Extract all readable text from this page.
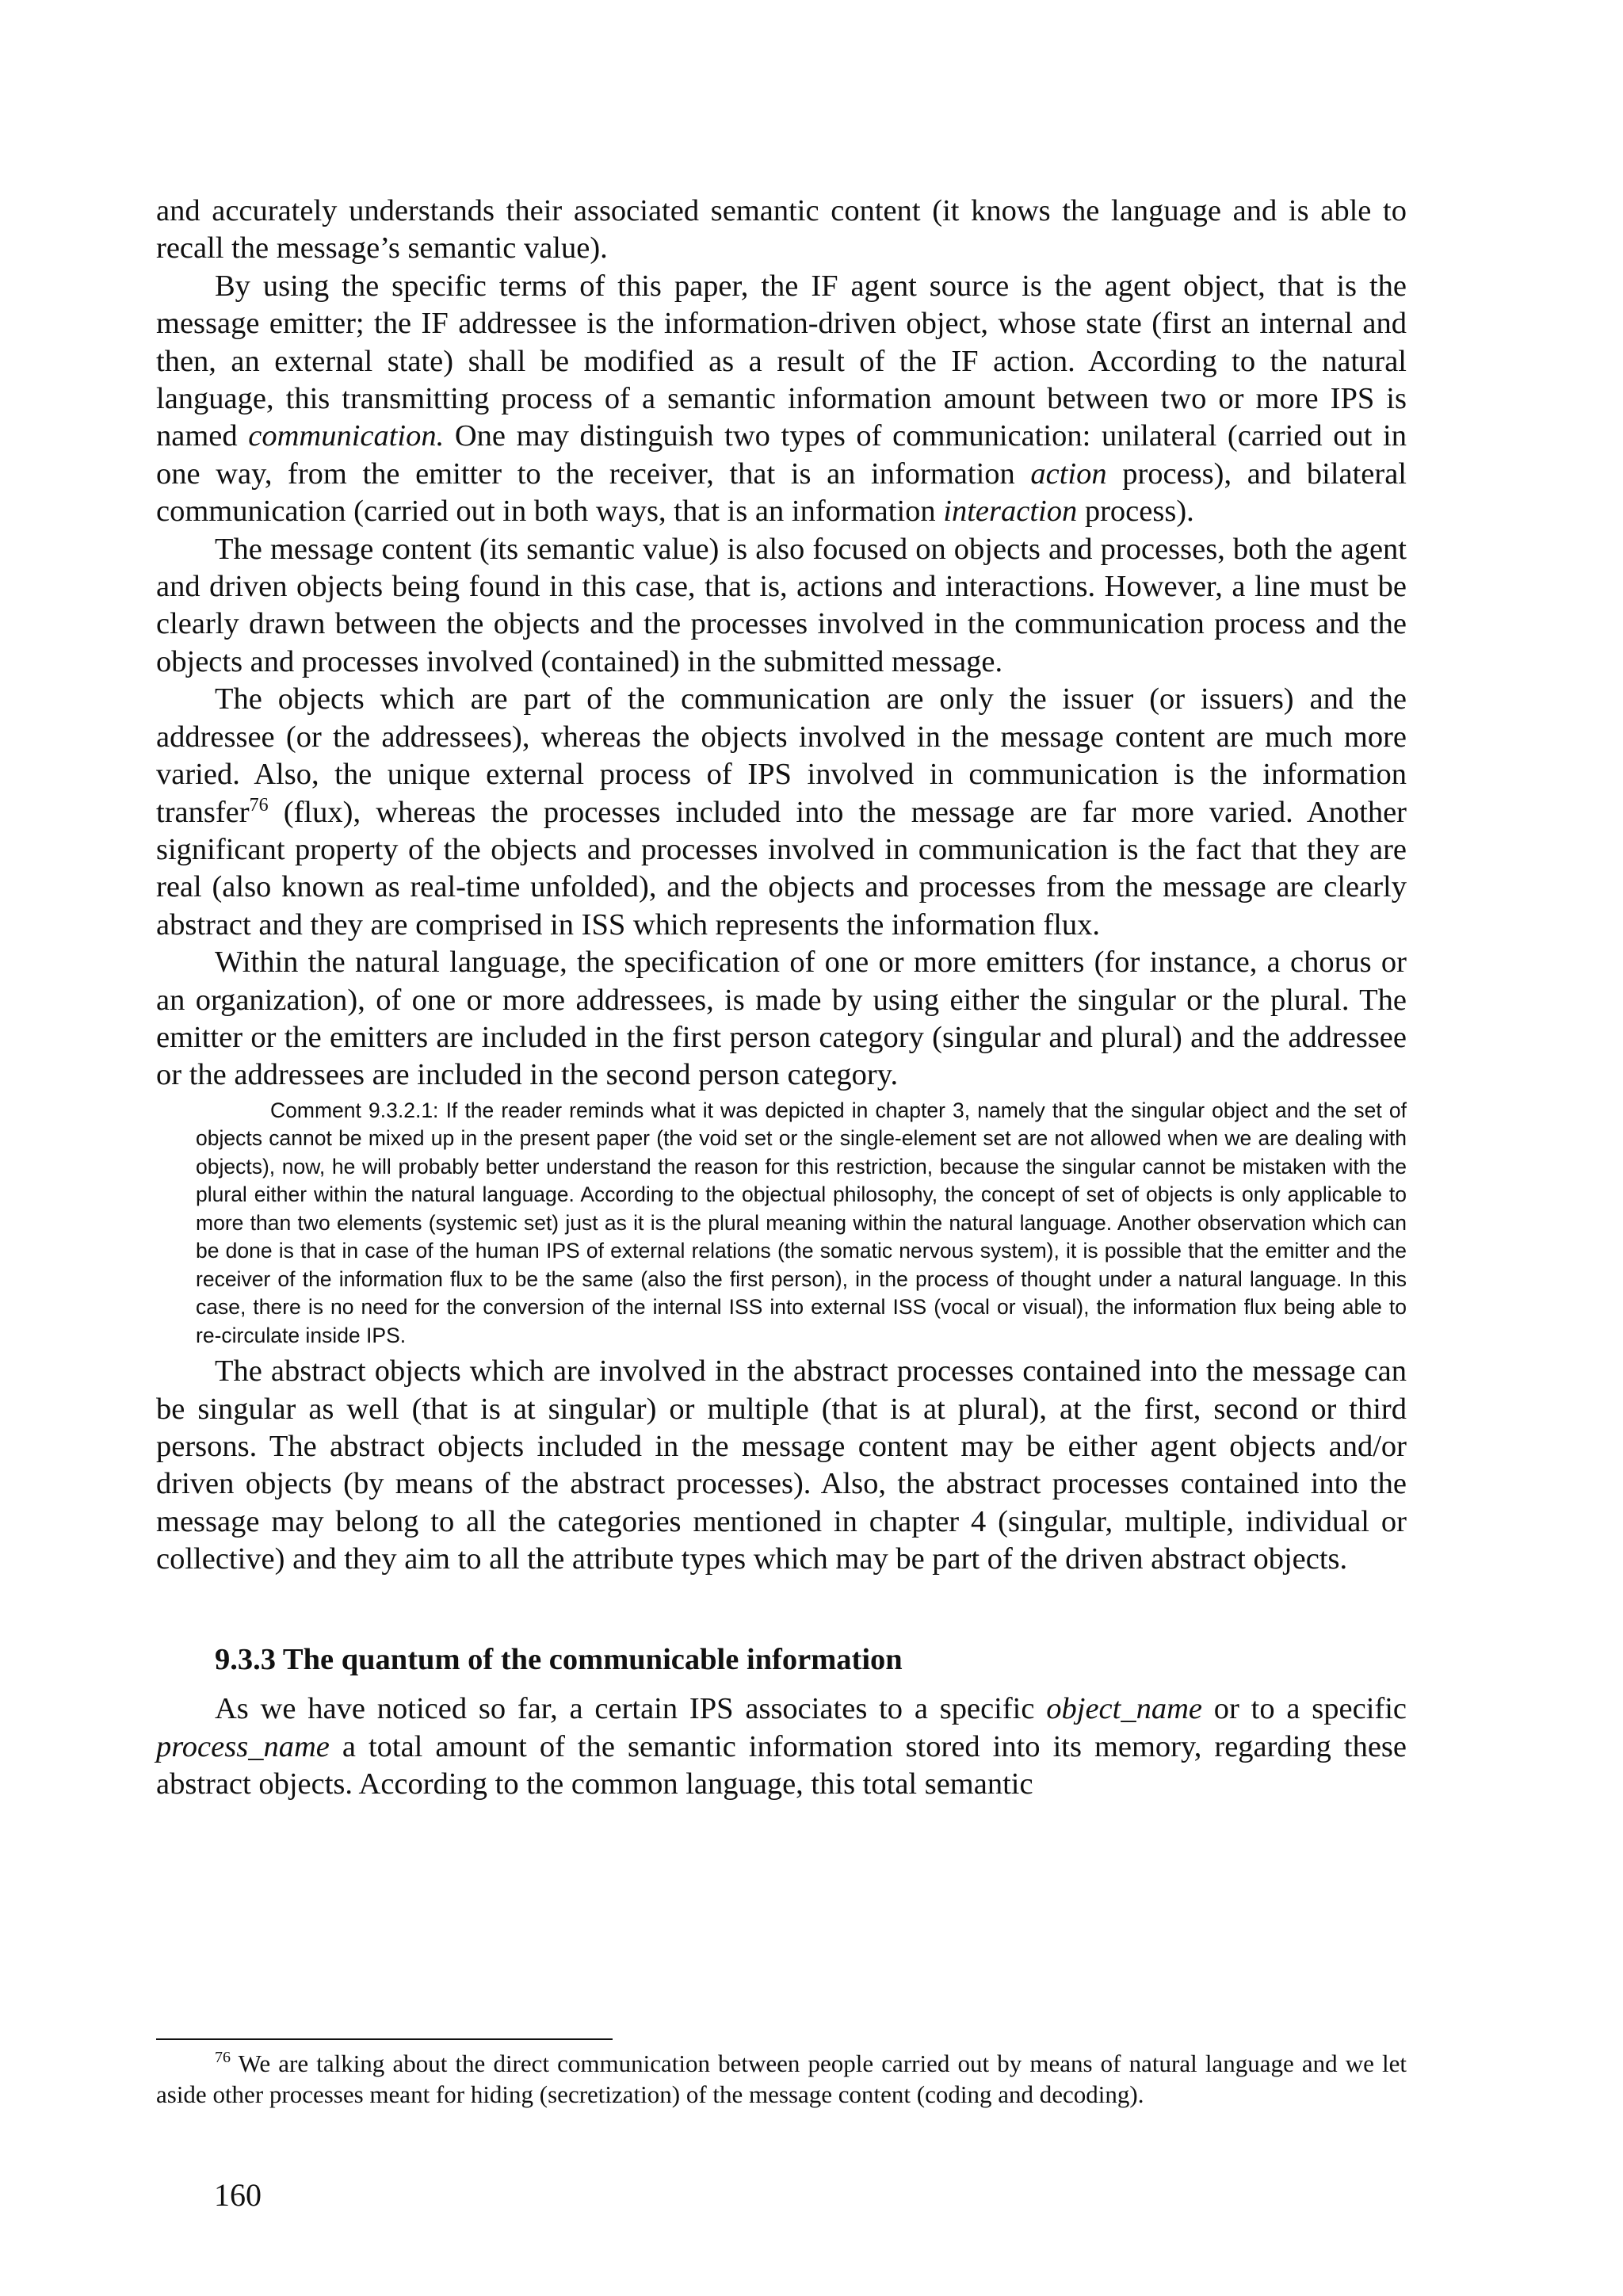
and accurately understands their associated semantic content (it knows the language and is able to recall the message’s semantic value).

By using the specific terms of this paper, the IF agent source is the agent object, that is the message emitter; the IF addressee is the information-driven object, whose state (first an internal and then, an external state) shall be modified as a result of the IF action. According to the natural language, this transmitting process of a semantic information amount between two or more IPS is named communication. One may distinguish two types of communication: unilateral (carried out in one way, from the emitter to the receiver, that is an information action process), and bilateral communication (carried out in both ways, that is an information interaction process).

The message content (its semantic value) is also focused on objects and processes, both the agent and driven objects being found in this case, that is, actions and interactions. However, a line must be clearly drawn between the objects and the processes involved in the communication process and the objects and processes involved (contained) in the submitted message.

The objects which are part of the communication are only the issuer (or issuers) and the addressee (or the addressees), whereas the objects involved in the message content are much more varied. Also, the unique external process of IPS involved in communication is the information transfer$^{76}$ (flux), whereas the processes included into the message are far more varied. Another significant property of the objects and processes involved in communication is the fact that they are real (also known as real-time unfolded), and the objects and processes from the message are clearly abstract and they are comprised in ISS which represents the information flux.

Within the natural language, the specification of one or more emitters (for instance, a chorus or an organization), of one or more addressees, is made by using either the singular or the plural. The emitter or the emitters are included in the first person category (singular and plural) and the addressee or the addressees are included in the second person category.

Comment 9.3.2.1: If the reader reminds what it was depicted in chapter 3, namely that the singular object and the set of objects cannot be mixed up in the present paper (the void set or the single-element set are not allowed when we are dealing with objects), now, he will probably better understand the reason for this restriction, because the singular cannot be mistaken with the plural either within the natural language. According to the objectual philosophy, the concept of set of objects is only applicable to more than two elements (systemic set) just as it is the plural meaning within the natural language. Another observation which can be done is that in case of the human IPS of external relations (the somatic nervous system), it is possible that the emitter and the receiver of the information flux to be the same (also the first person), in the process of thought under a natural language. In this case, there is no need for the conversion of the internal ISS into external ISS (vocal or visual), the information flux being able to re-circulate inside IPS.

The abstract objects which are involved in the abstract processes contained into the message can be singular as well (that is at singular) or multiple (that is at plural), at the first, second or third persons. The abstract objects included in the message content may be either agent objects and/or driven objects (by means of the abstract processes). Also, the abstract processes contained into the message may belong to all the categories mentioned in chapter 4 (singular, multiple, individual or collective) and they aim to all the attribute types which may be part of the driven abstract objects.

9.3.3 The quantum of the communicable information

As we have noticed so far, a certain IPS associates to a specific object_name or to a specific process_name a total amount of the semantic information stored into its memory, regarding these abstract objects. According to the common language, this total semantic

$^{76}$ We are talking about the direct communication between people carried out by means of natural language and we let aside other processes meant for hiding (secretization) of the message content (coding and decoding).

160
